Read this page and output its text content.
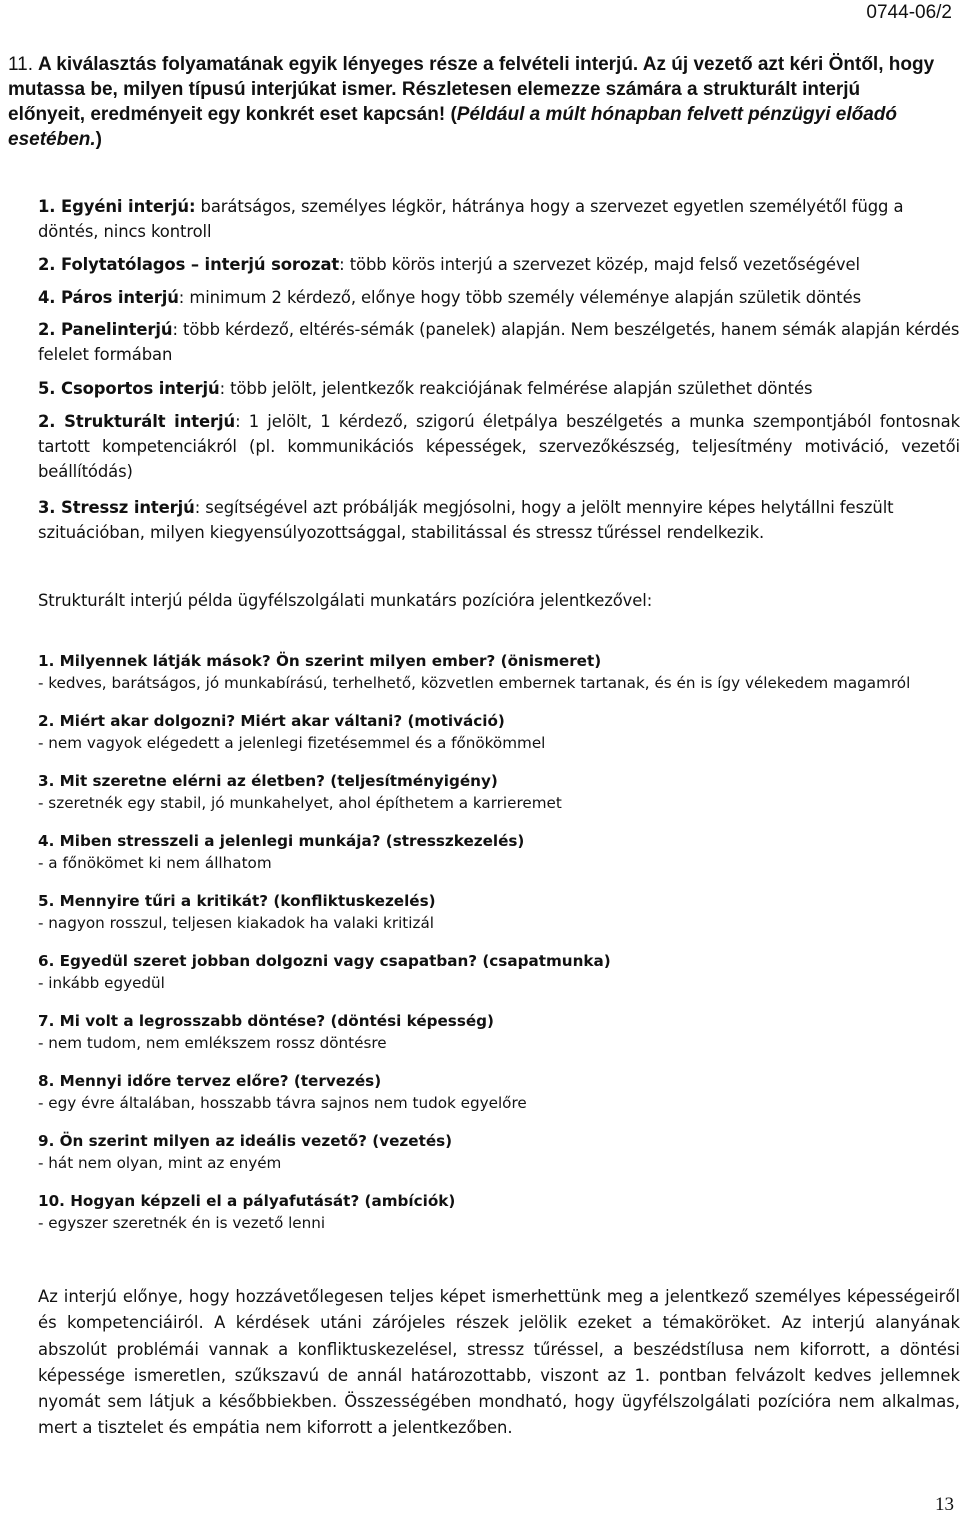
0744-06/2
11. A kiválasztás folyamatának egyik lényeges része a felvételi interjú. Az új vezető azt kéri Öntől, hogy mutassa be, milyen típusú interjúkat ismer. Részletesen elemezze számára a strukturált interjú előnyeit, eredményeit egy konkrét eset kapcsán! (Például a múlt hónapban felvett pénzügyi előadó esetében.)
1. Egyéni interjú: barátságos, személyes légkör, hátránya hogy a szervezet egyetlen személyétől függ a döntés, nincs kontroll
2. Folytatólagos – interjú sorozat: több körös interjú a szervezet közép, majd felső vezetőségével
4. Páros interjú: minimum 2 kérdező, előnye hogy több személy véleménye alapján születik döntés
2. Panelinterjú: több kérdező, eltérés-sémák (panelek) alapján. Nem beszélgetés, hanem sémák alapján kérdés felelet formában
5. Csoportos interjú: több jelölt, jelentkezők reakciójának felmérése alapján születhet döntés
2. Strukturált interjú: 1 jelölt, 1 kérdező, szigorú életpálya beszélgetés a munka szempontjából fontosnak tartott kompetenciákról (pl. kommunikációs képességek, szervezőkészség, teljesítmény motiváció, vezetői beállítódás)
3. Stressz interjú: segítségével azt próbálják megjósolni, hogy a jelölt mennyire képes helytállni feszült szituációban, milyen kiegyensúlyozottsággal, stabilitással és stressz tűréssel rendelkezik.
Strukturált interjú példa ügyfélszolgálati munkatárs pozícióra jelentkezővel:
1. Milyennek látják mások? Ön szerint milyen ember? (önismeret)
- kedves, barátságos, jó munkabírású, terhelhető, közvetlen embernek tartanak, és én is így vélekedem magamról
2. Miért akar dolgozni? Miért akar váltani? (motiváció)
- nem vagyok elégedett a jelenlegi fizetésemmel és a főnökömmel
3. Mit szeretne elérni az életben? (teljesítményigény)
- szeretnék egy stabil, jó munkahelyet, ahol építhetem a karrieremet
4. Miben stresszeli a jelenlegi munkája? (stresszkezelés)
- a főnökömet ki nem állhatom
5. Mennyire tűri a kritikát? (konfliktuskezelés)
- nagyon rosszul, teljesen kiakadok ha valaki kritizál
6. Egyedül szeret jobban dolgozni vagy csapatban? (csapatmunka)
- inkább egyedül
7. Mi volt a legrosszabb döntése? (döntési képesség)
- nem tudom, nem emlékszem rossz döntésre
8. Mennyi időre tervez előre? (tervezés)
- egy évre általában, hosszabb távra sajnos nem tudok egyelőre
9. Ön szerint milyen az ideális vezető? (vezetés)
- hát nem olyan, mint az enyém
10. Hogyan képzeli el a pályafutását? (ambíciók)
- egyszer szeretnék én is vezető lenni
Az interjú előnye, hogy hozzávetőlegesen teljes képet ismerhettünk meg a jelentkező személyes képességeiről és kompetenciáiról. A kérdések utáni zárójeles részek jelölik ezeket a témaköröket. Az interjú alanyának abszolút problémái vannak a konfliktuskezelésel, stressz tűréssel, a beszédstílusa nem kiforrott, a döntési képessége ismeretlen, szűkszavú de annál határozottabb, viszont az 1. pontban felvázolt kedves jellemnek nyomát sem látjuk a későbbiekben. Összességében mondható, hogy ügyfélszolgálati pozícióra nem alkalmas, mert a tisztelet és empátia nem kiforrott a jelentkezőben.
13
